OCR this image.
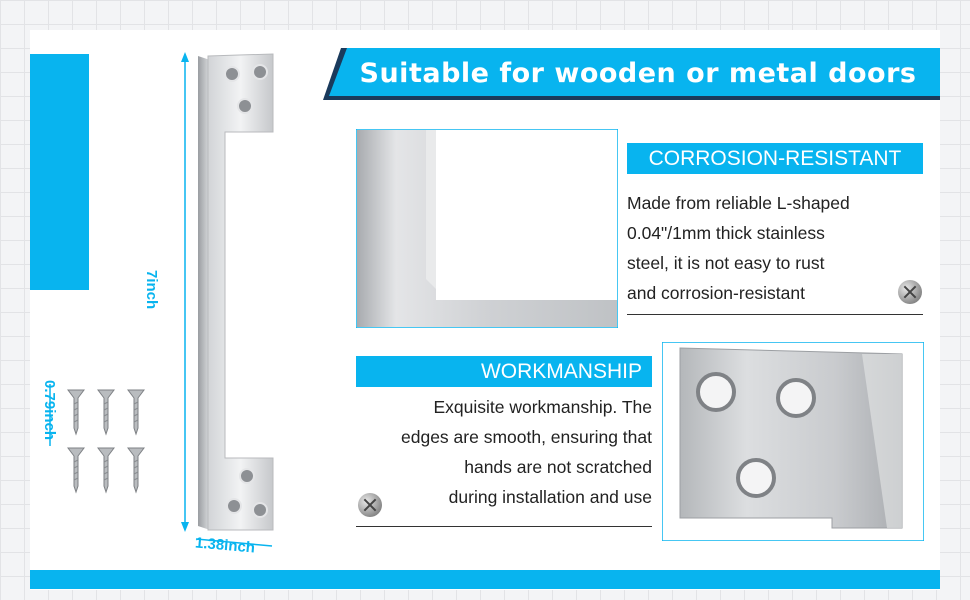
Suitable for wooden or metal doors
7inch
1.38inch
0.79inch
CORROSION-RESISTANT
Made from reliable L-shaped
0.04"/1mm thick stainless
steel, it is not easy to rust
and corrosion-resistant
WORKMANSHIP
Exquisite workmanship. The
edges are smooth, ensuring that
hands are not scratched
during installation and use
